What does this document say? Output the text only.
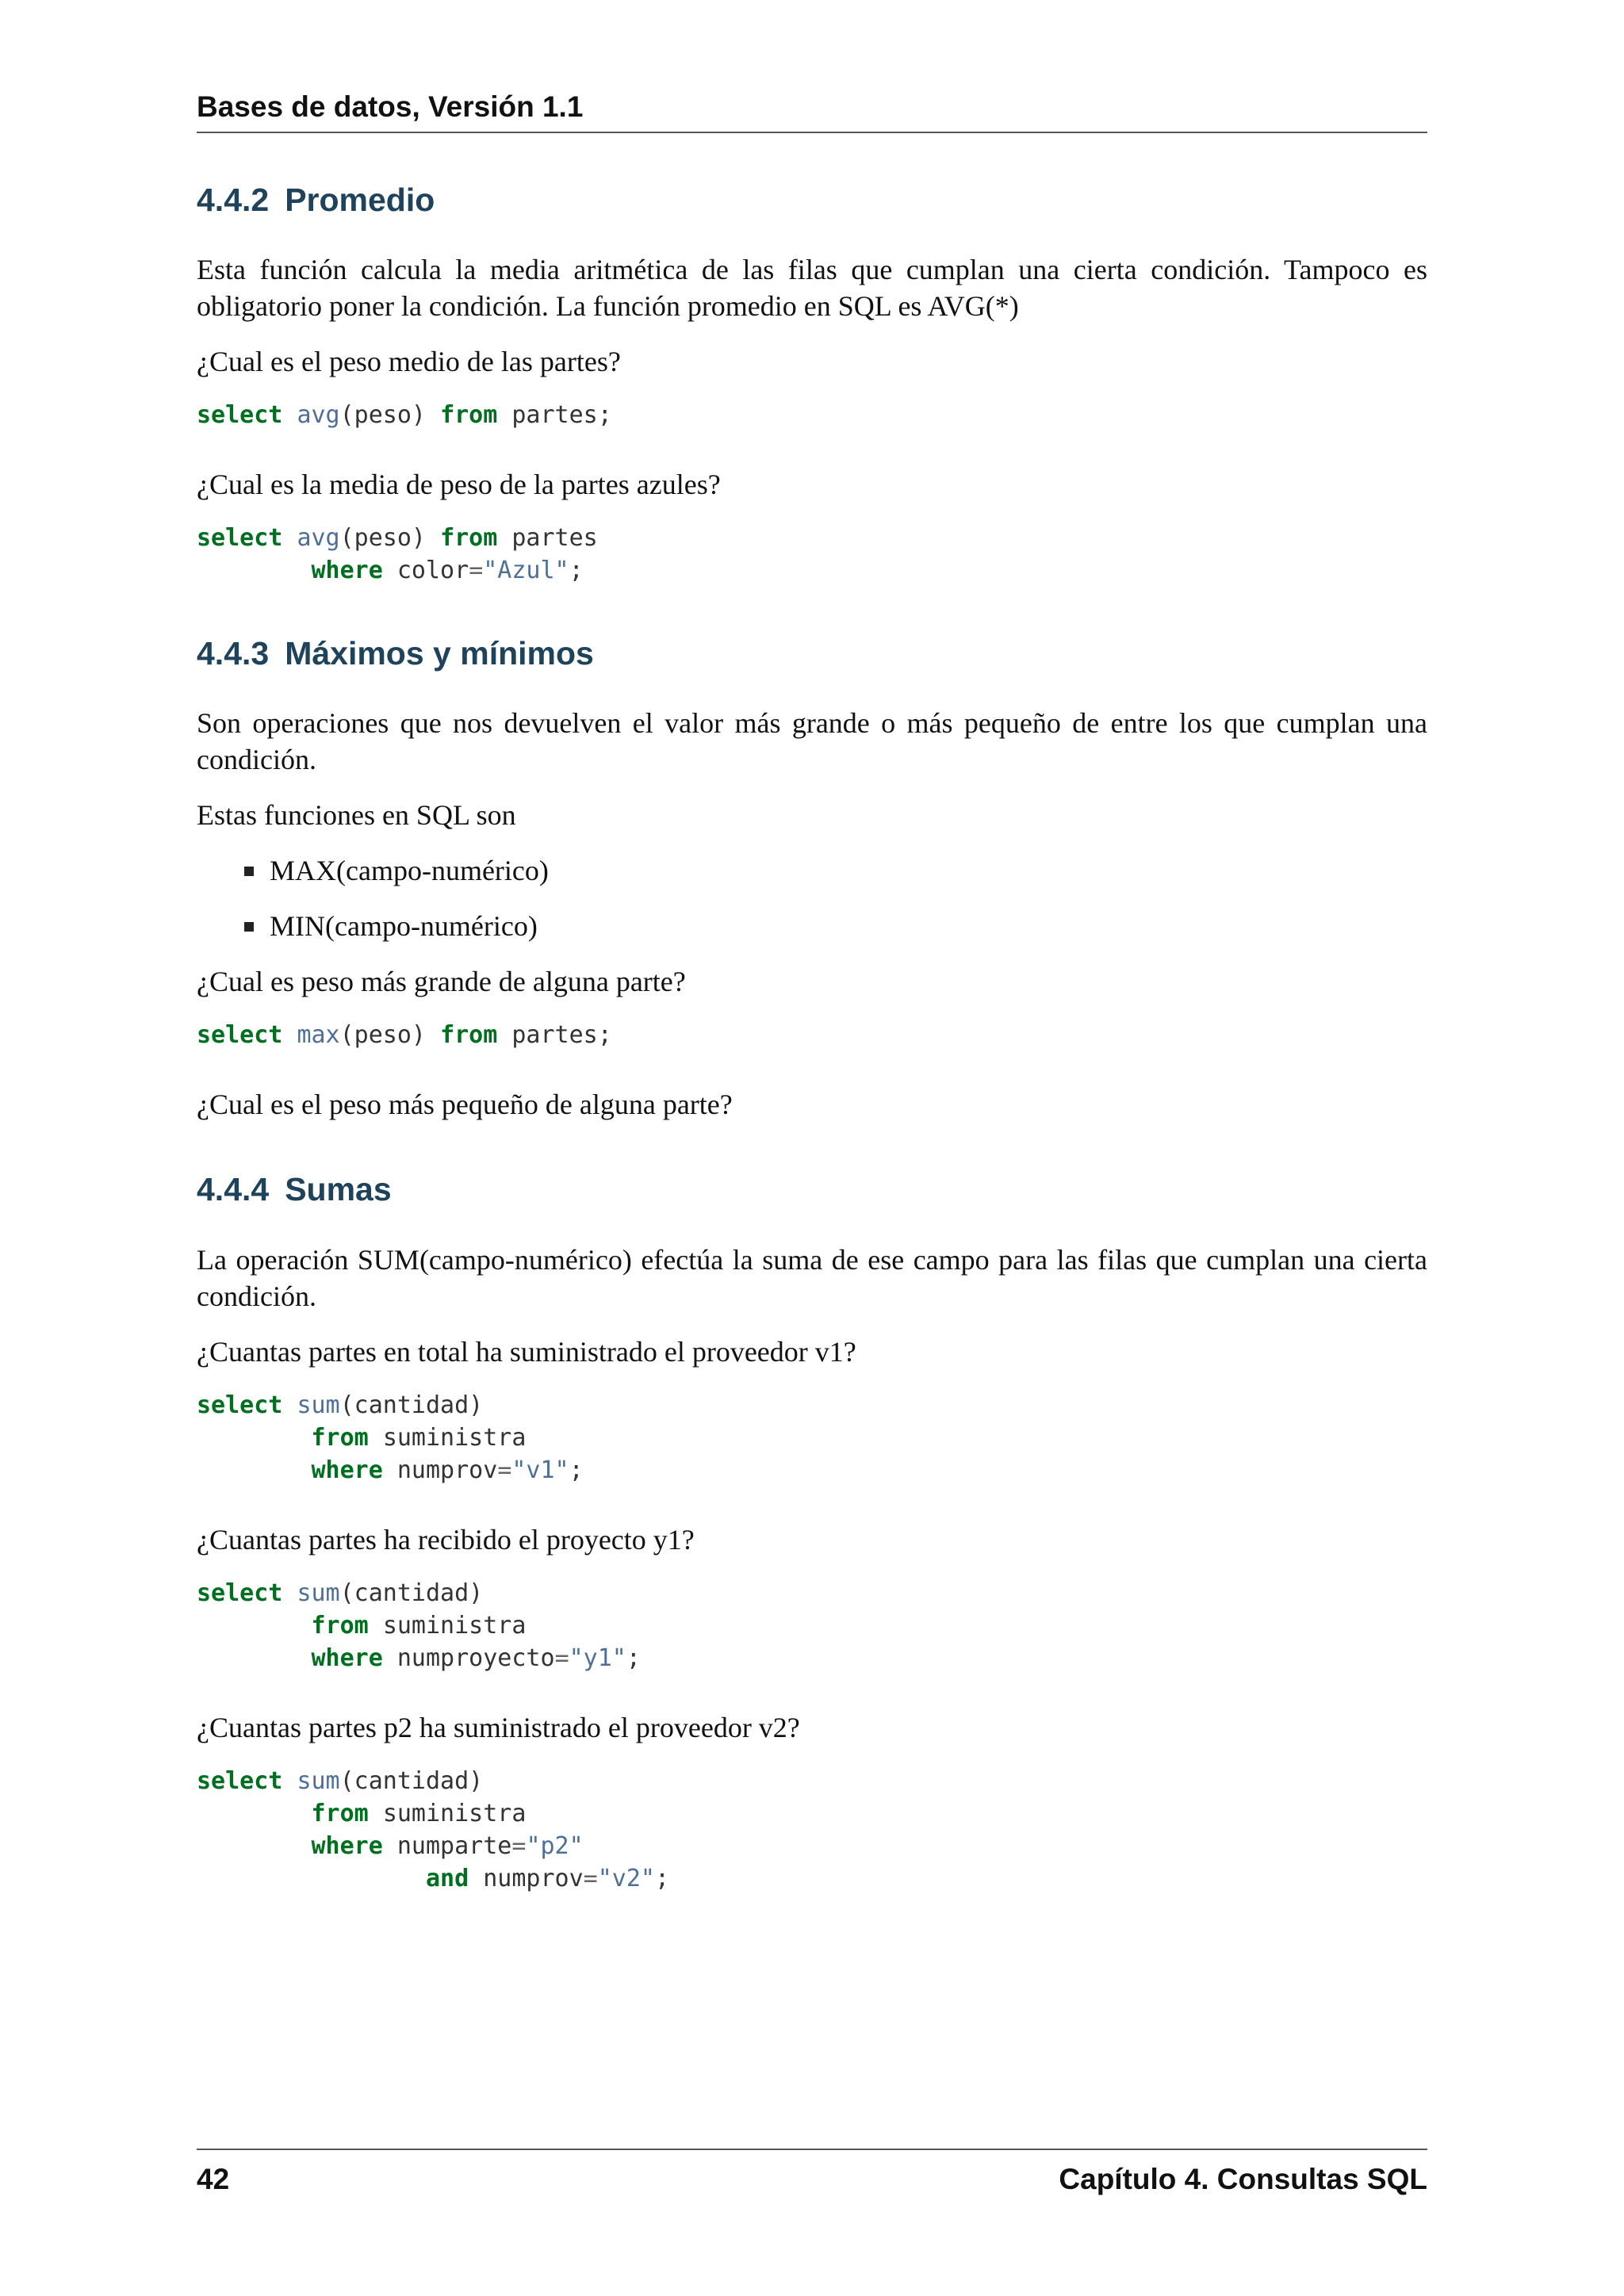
Bases de datos, Versión 1.1
4.4.2 Promedio

Esta función calcula la media aritmética de las filas que cumplan una cierta condición. Tampoco es obligatorio poner la condición. La función promedio en SQL es AVG(*)

¿Cual es el peso medio de las partes?

select avg(peso) from partes;

¿Cual es la media de peso de la partes azules?

select avg(peso) from partes
where color="Azul";
4.4.3 Máximos y mínimos

Son operaciones que nos devuelven el valor más grande o más pequeño de entre los que cumplan una condición.

Estas funciones en SQL son

MAX(campo-numérico)
MIN(campo-numérico)

¿Cual es peso más grande de alguna parte?

select max(peso) from partes;

¿Cual es el peso más pequeño de alguna parte?

4.4.4 Sumas

La operación SUM(campo-numérico) efectúa la suma de ese campo para las filas que cumplan una cierta condición.

¿Cuantas partes en total ha suministrado el proveedor v1?

select sum(cantidad)
from suministra
where numprov="v1";

¿Cuantas partes ha recibido el proyecto y1?

select sum(cantidad)
from suministra
where numproyecto="y1";

¿Cuantas partes p2 ha suministrado el proveedor v2?

select sum(cantidad)
from suministra
where numparte="p2"
and numprov="v2";
42	Capítulo 4. Consultas SQL
